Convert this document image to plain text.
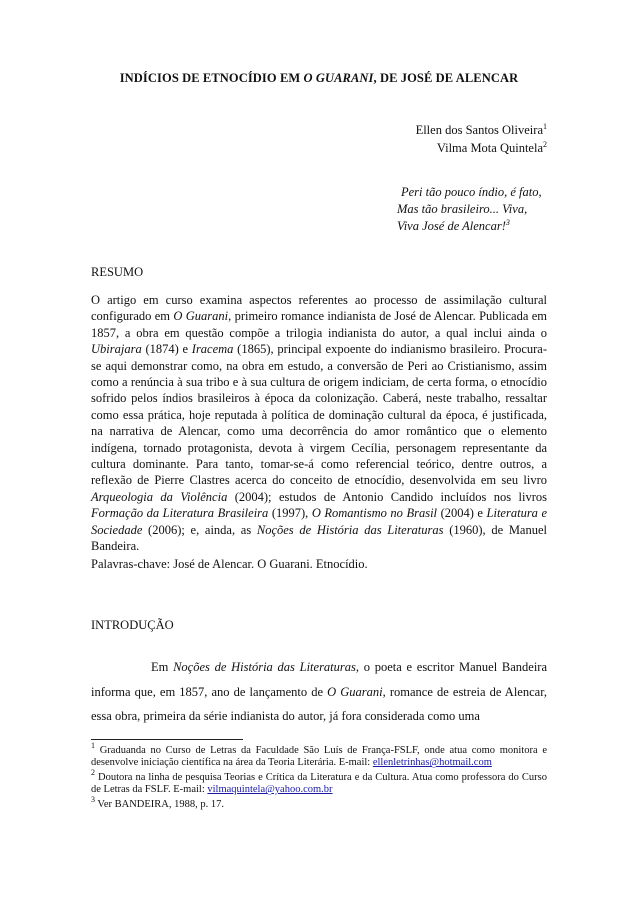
INDÍCIOS DE ETNOCÍDIO EM O GUARANI, DE JOSÉ DE ALENCAR
Ellen dos Santos Oliveira$^1$
Vilma Mota Quintela$^2$
Peri tão pouco índio, é fato,
Mas tão brasileiro... Viva,
Viva José de Alencar!$^3$
RESUMO
O artigo em curso examina aspectos referentes ao processo de assimilação cultural configurado em O Guarani, primeiro romance indianista de José de Alencar. Publicada em 1857, a obra em questão compõe a trilogia indianista do autor, a qual inclui ainda o Ubirajara (1874) e Iracema (1865), principal expoente do indianismo brasileiro. Procura-se aqui demonstrar como, na obra em estudo, a conversão de Peri ao Cristianismo, assim como a renúncia à sua tribo e à sua cultura de origem indiciam, de certa forma, o etnocídio sofrido pelos índios brasileiros à época da colonização. Caberá, neste trabalho, ressaltar como essa prática, hoje reputada à política de dominação cultural da época, é justificada, na narrativa de Alencar, como uma decorrência do amor romântico que o elemento indígena, tornado protagonista, devota à virgem Cecília, personagem representante da cultura dominante. Para tanto, tomar-se-á como referencial teórico, dentre outros, a reflexão de Pierre Clastres acerca do conceito de etnocídio, desenvolvida em seu livro Arqueologia da Violência (2004); estudos de Antonio Candido incluídos nos livros Formação da Literatura Brasileira (1997), O Romantismo no Brasil (2004) e Literatura e Sociedade (2006); e, ainda, as Noções de História das Literaturas (1960), de Manuel Bandeira.
Palavras-chave: José de Alencar. O Guarani. Etnocídio.
INTRODUÇÃO
Em Noções de História das Literaturas, o poeta e escritor Manuel Bandeira informa que, em 1857, ano de lançamento de O Guarani, romance de estreia de Alencar, essa obra, primeira da série indianista do autor, já fora considerada como uma
$^1$ Graduanda no Curso de Letras da Faculdade São Luís de França-FSLF, onde atua como monitora e desenvolve iniciação científica na área da Teoria Literária. E-mail: ellenletrinhas@hotmail.com
$^2$ Doutora na linha de pesquisa Teorias e Crítica da Literatura e da Cultura. Atua como professora do Curso de Letras da FSLF. E-mail: vilmaquintela@yahoo.com.br
$^3$ Ver BANDEIRA, 1988, p. 17.
